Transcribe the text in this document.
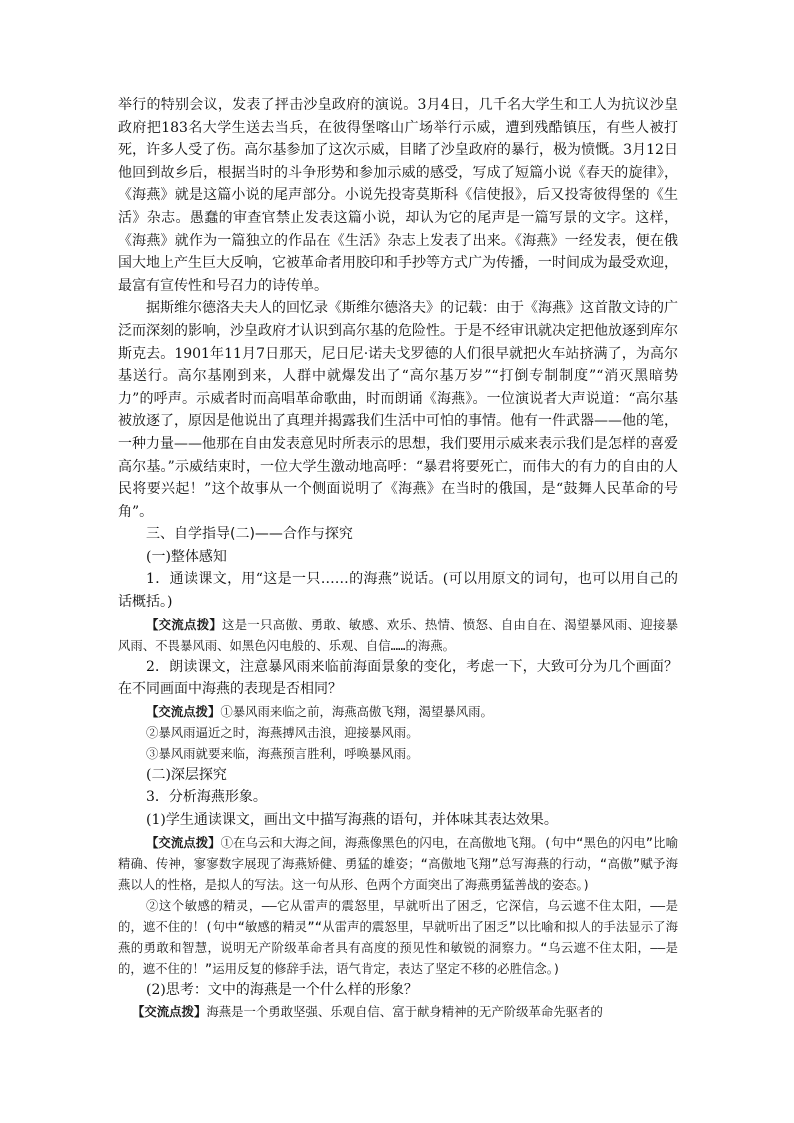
举行的特别会议，发表了抨击沙皇政府的演说。3月4日，几千名大学生和工人为抗议沙皇政府把183名大学生送去当兵，在彼得堡喀山广场举行示威，遭到残酷镇压，有些人被打死，许多人受了伤。高尔基参加了这次示威，目睹了沙皇政府的暴行，极为愤慨。3月12日他回到故乡后，根据当时的斗争形势和参加示威的感受，写成了短篇小说《春天的旋律》，《海燕》就是这篇小说的尾声部分。小说先投寄莫斯科《信使报》，后又投寄彼得堡的《生活》杂志。愚蠢的审查官禁止发表这篇小说，却认为它的尾声是一篇写景的文字。这样，《海燕》就作为一篇独立的作品在《生活》杂志上发表了出来。《海燕》一经发表，便在俄国大地上产生巨大反响，它被革命者用胶印和手抄等方式广为传播，一时间成为最受欢迎，最富有宣传性和号召力的诗传单。

据斯维尔德洛夫夫人的回忆录《斯维尔德洛夫》的记载：由于《海燕》这首散文诗的广泛而深刻的影响，沙皇政府才认识到高尔基的危险性。于是不经审讯就决定把他放逐到库尔斯克去。1901年11月7日那天，尼日尼·诺夫戈罗德的人们很早就把火车站挤满了，为高尔基送行。高尔基刚到来，人群中就爆发出了“高尔基万岁”“打倒专制制度”“消灭黑暗势力”的呼声。示威者时而高唱革命歌曲，时而朗诵《海燕》。一位演说者大声说道：“高尔基被放逐了，原因是他说出了真理并揭露我们生活中可怕的事情。他有一件武器——他的笔，一种力量——他那在自由发表意见时所表示的思想，我们要用示威来表示我们是怎样的喜爱高尔基。”示威结束时，一位大学生激动地高呼：“暴君将要死亡，而伟大的有力的自由的人民将要兴起！”这个故事从一个侧面说明了《海燕》在当时的俄国，是“鼓舞人民革命的号角”。

三、自学指导(二)——合作与探究

(一)整体感知

1．通读课文，用“这是一只……的海燕”说话。(可以用原文的词句，也可以用自己的话概括。)

【交流点拨】这是一只高傲、勇敢、敏感、欢乐、热情、愤怒、自由自在、渴望暴风雨、迎接暴风雨、不畏暴风雨、如黑色闪电般的、乐观、自信……的海燕。

2．朗读课文，注意暴风雨来临前海面景象的变化，考虑一下，大致可分为几个画面？在不同画面中海燕的表现是否相同？

【交流点拨】①暴风雨来临之前，海燕高傲飞翔，渴望暴风雨。

②暴风雨逼近之时，海燕搏风击浪，迎接暴风雨。

③暴风雨就要来临，海燕预言胜利，呼唤暴风雨。

(二)深层探究

3．分析海燕形象。

(1)学生通读课文，画出文中描写海燕的语句，并体味其表达效果。

【交流点拨】①在乌云和大海之间，海燕像黑色的闪电，在高傲地飞翔。(句中“黑色的闪电”比喻精确、传神，寥寥数字展现了海燕矫健、勇猛的雄姿；“高傲地飞翔”总写海燕的行动，“高傲”赋予海燕以人的性格，是拟人的写法。这一句从形、色两个方面突出了海燕勇猛善战的姿态。)

②这个敏感的精灵，——它从雷声的震怒里，早就听出了困乏，它深信，乌云遮不住太阳，——是的，遮不住的！(句中“敏感的精灵”“从雷声的震怒里，早就听出了困乏”以比喻和拟人的手法显示了海燕的勇敢和智慧，说明无产阶级革命者具有高度的预见性和敏锐的洞察力。“乌云遮不住太阳，——是的，遮不住的！”运用反复的修辞手法，语气肯定，表达了坚定不移的必胜信念。)

(2)思考：文中的海燕是一个什么样的形象？

【交流点拨】海燕是一个勇敢坚强、乐观自信、富于献身精神的无产阶级革命先驱者的
